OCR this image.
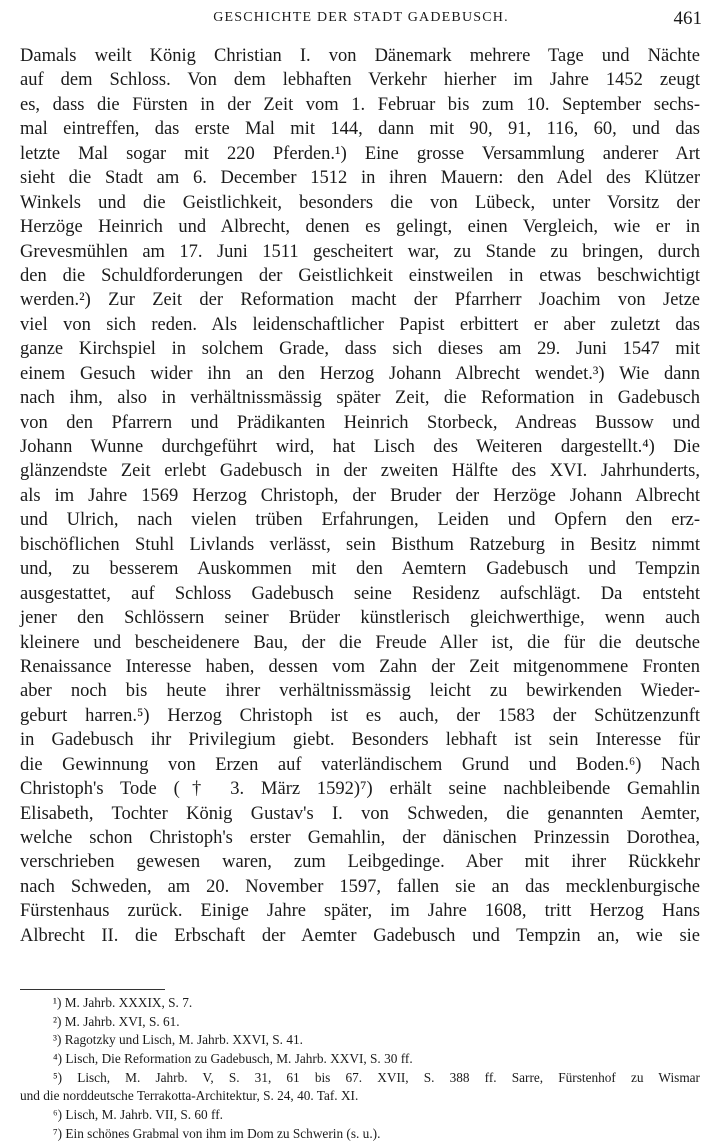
GESCHICHTE DER STADT GADEBUSCH.	461
Damals weilt König Christian I. von Dänemark mehrere Tage und Nächte
auf dem Schloss. Von dem lebhaften Verkehr hierher im Jahre 1452 zeugt
es, dass die Fürsten in der Zeit vom 1. Februar bis zum 10. September sechs-
mal eintreffen, das erste Mal mit 144, dann mit 90, 91, 116, 60, und das
letzte Mal sogar mit 220 Pferden.¹) Eine grosse Versammlung anderer Art
sieht die Stadt am 6. December 1512 in ihren Mauern: den Adel des Klützer
Winkels und die Geistlichkeit, besonders die von Lübeck, unter Vorsitz der
Herzöge Heinrich und Albrecht, denen es gelingt, einen Vergleich, wie er in
Grevesmühlen am 17. Juni 1511 gescheitert war, zu Stande zu bringen, durch
den die Schuldforderungen der Geistlichkeit einstweilen in etwas beschwichtigt
werden.²) Zur Zeit der Reformation macht der Pfarrherr Joachim von Jetze
viel von sich reden. Als leidenschaftlicher Papist erbittert er aber zuletzt das
ganze Kirchspiel in solchem Grade, dass sich dieses am 29. Juni 1547 mit
einem Gesuch wider ihn an den Herzog Johann Albrecht wendet.³) Wie dann
nach ihm, also in verhältnissmässig später Zeit, die Reformation in Gadebusch
von den Pfarrern und Prädikanten Heinrich Storbeck, Andreas Bussow und
Johann Wunne durchgeführt wird, hat Lisch des Weiteren dargestellt.⁴) Die
glänzendste Zeit erlebt Gadebusch in der zweiten Hälfte des XVI. Jahrhunderts,
als im Jahre 1569 Herzog Christoph, der Bruder der Herzöge Johann Albrecht
und Ulrich, nach vielen trüben Erfahrungen, Leiden und Opfern den erz-
bischöflichen Stuhl Livlands verlässt, sein Bisthum Ratzeburg in Besitz nimmt
und, zu besserem Auskommen mit den Aemtern Gadebusch und Tempzin
ausgestattet, auf Schloss Gadebusch seine Residenz aufschlägt. Da entsteht
jener den Schlössern seiner Brüder künstlerisch gleichwerthige, wenn auch
kleinere und bescheidenere Bau, der die Freude Aller ist, die für die deutsche
Renaissance Interesse haben, dessen vom Zahn der Zeit mitgenommene Fronten
aber noch bis heute ihrer verhältnissmässig leicht zu bewirkenden Wieder-
geburt harren.⁵) Herzog Christoph ist es auch, der 1583 der Schützenzunft
in Gadebusch ihr Privilegium giebt. Besonders lebhaft ist sein Interesse für
die Gewinnung von Erzen auf vaterländischem Grund und Boden.⁶) Nach
Christoph's Tode († 3. März 1592)⁷) erhält seine nachbleibende Gemahlin
Elisabeth, Tochter König Gustav's I. von Schweden, die genannten Aemter,
welche schon Christoph's erster Gemahlin, der dänischen Prinzessin Dorothea,
verschrieben gewesen waren, zum Leibgedinge. Aber mit ihrer Rückkehr
nach Schweden, am 20. November 1597, fallen sie an das mecklenburgische
Fürstenhaus zurück. Einige Jahre später, im Jahre 1608, tritt Herzog Hans
Albrecht II. die Erbschaft der Aemter Gadebusch und Tempzin an, wie sie
¹) M. Jahrb. XXXIX, S. 7.
²) M. Jahrb. XVI, S. 61.
³) Ragotzky und Lisch, M. Jahrb. XXVI, S. 41.
⁴) Lisch, Die Reformation zu Gadebusch, M. Jahrb. XXVI, S. 30 ff.
⁵) Lisch, M. Jahrb. V, S. 31, 61 bis 67. XVII, S. 388 ff. Sarre, Fürstenhof zu Wismar
und die norddeutsche Terrakotta-Architektur, S. 24, 40. Taf. XI.
⁶) Lisch, M. Jahrb. VII, S. 60 ff.
⁷) Ein schönes Grabmal von ihm im Dom zu Schwerin (s. u.).
